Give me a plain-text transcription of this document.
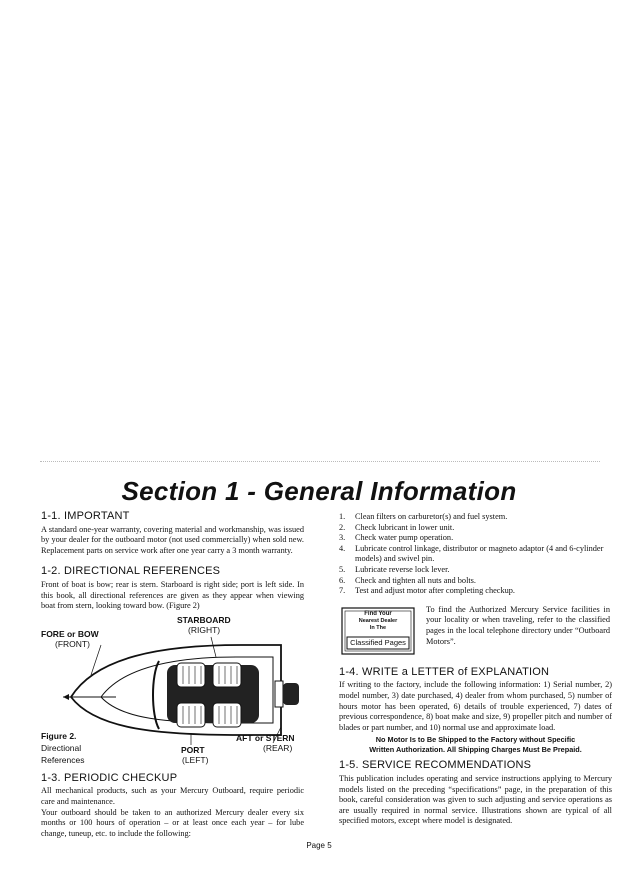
Section 1 - General Information
1-1. IMPORTANT

A standard one-year warranty, covering material and workmanship, was issued by your dealer for the outboard motor (not used commercially) when sold new. Replacement parts on service work after one year carry a 3 month warranty.

1-2. DIRECTIONAL REFERENCES

Front of boat is bow; rear is stern. Starboard is right side; port is left side. In this book, all directional references are given as they appear when viewing boat from stern, looking toward bow. (Figure 2)

STARBOARD
(RIGHT)
FORE or BOW
(FRONT)
Figure 2.
Directional
References
AFT or STERN
(REAR)
PORT
(LEFT)
1-3. PERIODIC CHECKUP

All mechanical products, such as your Mercury Outboard, require periodic care and maintenance.

Your outboard should be taken to an authorized Mercury dealer every six months or 100 hours of operation – or at least once each year – for lube change, tuneup, etc. to include the following:

1. Clean filters on carburetor(s) and fuel system.
2. Check lubricant in lower unit.
3. Check water pump operation.
4. Lubricate control linkage, distributor or magneto adaptor (4 and 6-cylinder models) and swivel pin.
5. Lubricate reverse lock lever.
6. Check and tighten all nuts and bolts.
7. Test and adjust motor after completing checkup.
Find Your
Nearest Dealer
In The
Classified Pages

To find the Authorized Mercury Service facilities in your locality or when traveling, refer to the classified pages in the local telephone directory under “Outboard Motors”.

1-4. WRITE a LETTER of EXPLANATION

If writing to the factory, include the following information: 1) Serial number, 2) model number, 3) date purchased, 4) dealer from whom purchased, 5) number of hours motor has been operated, 6) details of trouble experienced, 7) dates of previous correspondence, 8) boat make and size, 9) propeller pitch and number of blades or part number, and 10) normal use and approximate load.

No Motor Is to Be Shipped to the Factory without Specific
Written Authorization. All Shipping Charges Must Be Prepaid.
1-5. SERVICE RECOMMENDATIONS

This publication includes operating and service instructions applying to Mercury models listed on the preceding “specifications” page, in the preparation of this book, careful consideration was given to such adjusting and service operations as are usually required in normal service. Illustrations shown are typical of all specified motors, except where model is designated.

Page 5
